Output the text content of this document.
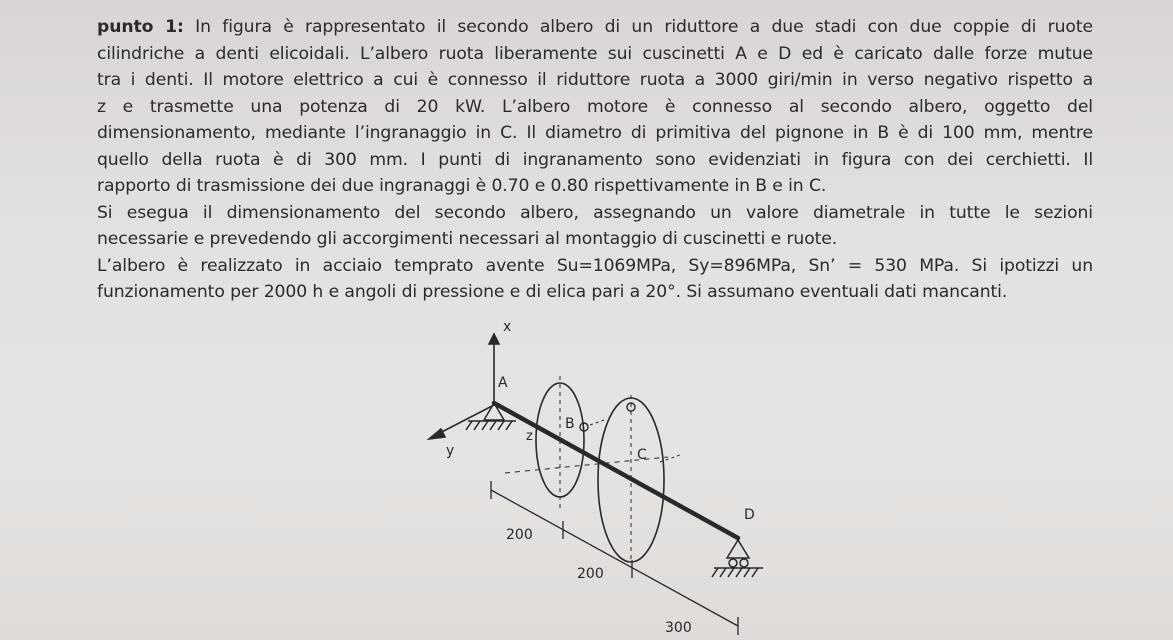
punto 1: In figura è rappresentato il secondo albero di un riduttore a due stadi con due coppie di ruote
cilindriche a denti elicoidali. L’albero ruota liberamente sui cuscinetti A e D ed è caricato dalle forze mutue
tra i denti. Il motore elettrico a cui è connesso il riduttore ruota a 3000 giri/min in verso negativo rispetto a
z e trasmette una potenza di 20 kW. L’albero motore è connesso al secondo albero, oggetto del
dimensionamento, mediante l’ingranaggio in C. Il diametro di primitiva del pignone in B è di 100 mm, mentre
quello della ruota è di 300 mm. I punti di ingranamento sono evidenziati in figura con dei cerchietti. Il
rapporto di trasmissione dei due ingranaggi è 0.70 e 0.80 rispettivamente in B e in C.
Si esegua il dimensionamento del secondo albero, assegnando un valore diametrale in tutte le sezioni
necessarie e prevedendo gli accorgimenti necessari al montaggio di cuscinetti e ruote.
L’albero è realizzato in acciaio temprato avente Su=1069MPa, Sy=896MPa, Sn’ = 530 MPa. Si ipotizzi un
funzionamento per 2000 h e angoli di pressione e di elica pari a 20°. Si assumano eventuali dati mancanti.
x
y
A
z
B
C
D
200
200
300
